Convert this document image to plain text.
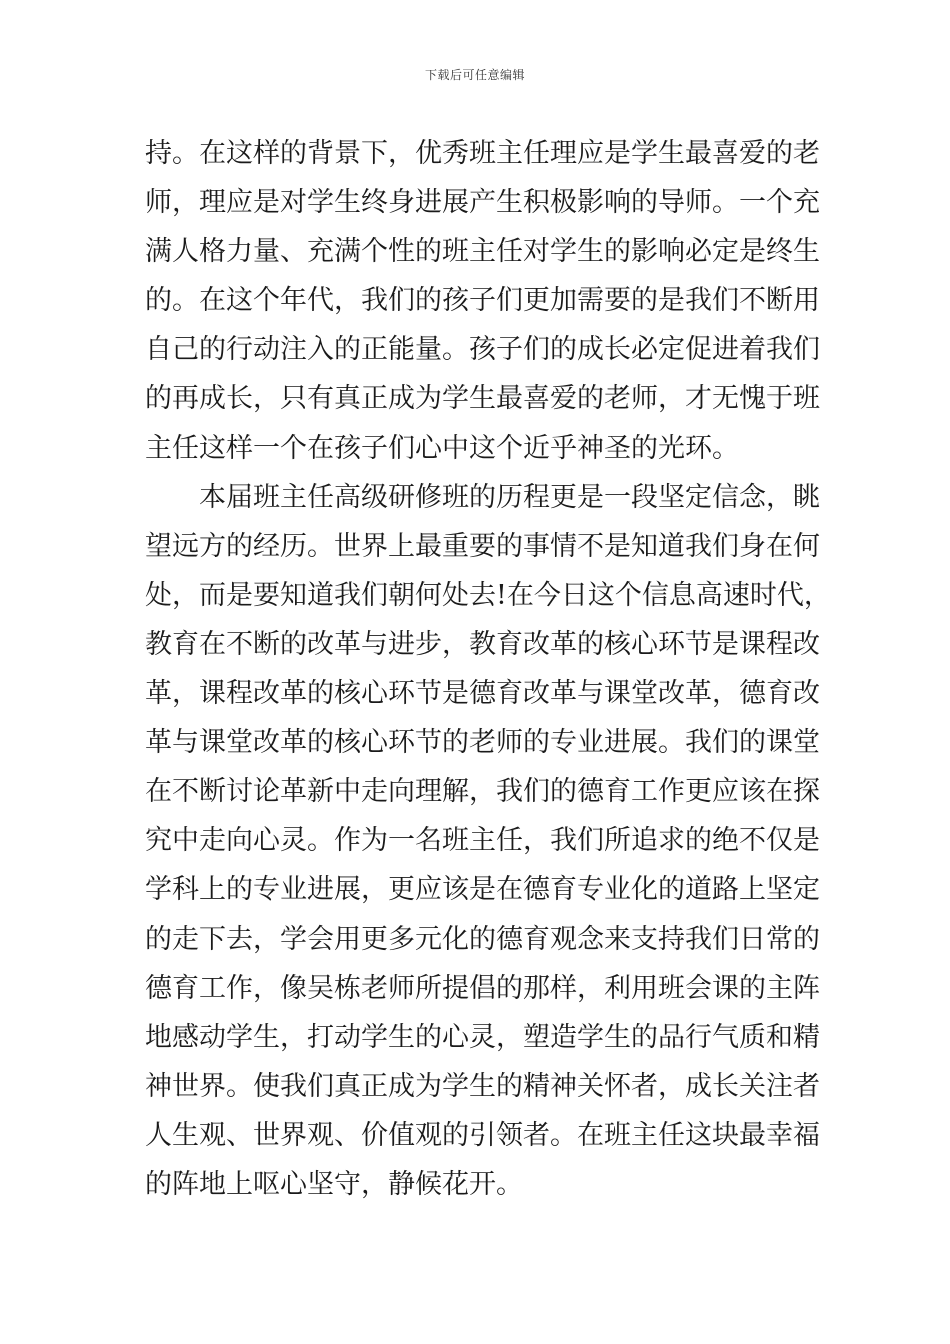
下载后可任意编辑
持。在这样的背景下，优秀班主任理应是学生最喜爱的老
师，理应是对学生终身进展产生积极影响的导师。一个充
满人格力量、充满个性的班主任对学生的影响必定是终生
的。在这个年代，我们的孩子们更加需要的是我们不断用
自己的行动注入的正能量。孩子们的成长必定促进着我们
的再成长，只有真正成为学生最喜爱的老师，才无愧于班
主任这样一个在孩子们心中这个近乎神圣的光环。
本届班主任高级研修班的历程更是一段坚定信念，眺
望远方的经历。世界上最重要的事情不是知道我们身在何
处，而是要知道我们朝何处去!在今日这个信息高速时代，
教育在不断的改革与进步，教育改革的核心环节是课程改
革，课程改革的核心环节是德育改革与课堂改革，德育改
革与课堂改革的核心环节的老师的专业进展。我们的课堂
在不断讨论革新中走向理解，我们的德育工作更应该在探
究中走向心灵。作为一名班主任，我们所追求的绝不仅是
学科上的专业进展，更应该是在德育专业化的道路上坚定
的走下去，学会用更多元化的德育观念来支持我们日常的
德育工作，像吴栋老师所提倡的那样，利用班会课的主阵
地感动学生，打动学生的心灵，塑造学生的品行气质和精
神世界。使我们真正成为学生的精神关怀者，成长关注者
人生观、世界观、价值观的引领者。在班主任这块最幸福
的阵地上呕心坚守，静候花开。
